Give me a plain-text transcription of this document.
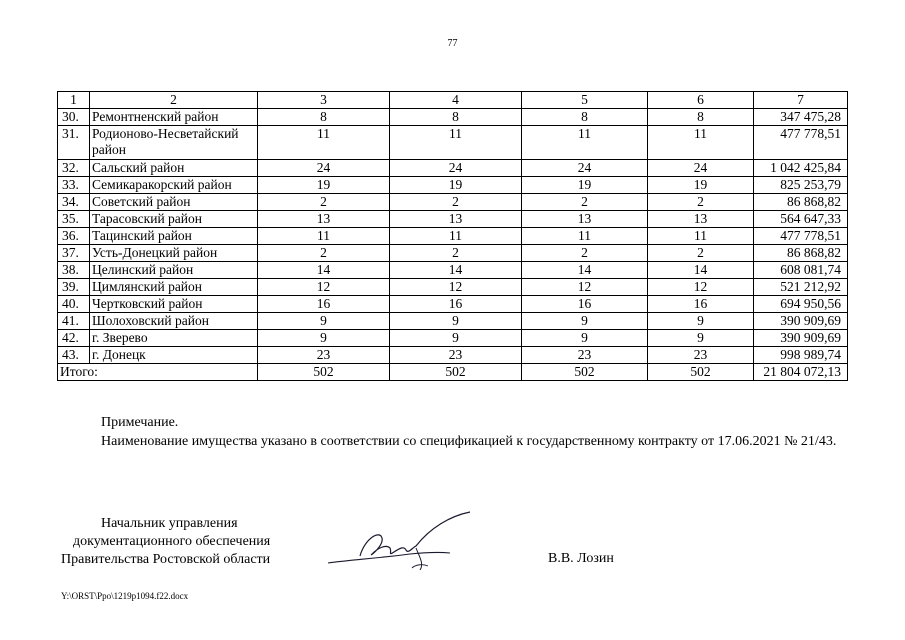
77
1	2	3	4	5	6	7
30.	Ремонтненский район	8	8	8	8	347 475,28
31.	Родионово-Несветайский район	11	11	11	11	477 778,51
32.	Сальский район	24	24	24	24	1 042 425,84
33.	Семикаракорский район	19	19	19	19	825 253,79
34.	Советский район	2	2	2	2	86 868,82
35.	Тарасовский район	13	13	13	13	564 647,33
36.	Тацинский район	11	11	11	11	477 778,51
37.	Усть-Донецкий район	2	2	2	2	86 868,82
38.	Целинский район	14	14	14	14	608 081,74
39.	Цимлянский район	12	12	12	12	521 212,92
40.	Чертковский район	16	16	16	16	694 950,56
41.	Шолоховский район	9	9	9	9	390 909,69
42.	г. Зверево	9	9	9	9	390 909,69
43.	г. Донецк	23	23	23	23	998 989,74
Итого:		502	502	502	502	21 804 072,13

Примечание.

Наименование имущества указано в соответствии со спецификацией к государственному контракту от 17.06.2021 № 21/43.

Начальник управления
документационного обеспечения
Правительства Ростовской области	В.В. Лозин
Y:\ORST\Ppo\1219p1094.f22.docx
